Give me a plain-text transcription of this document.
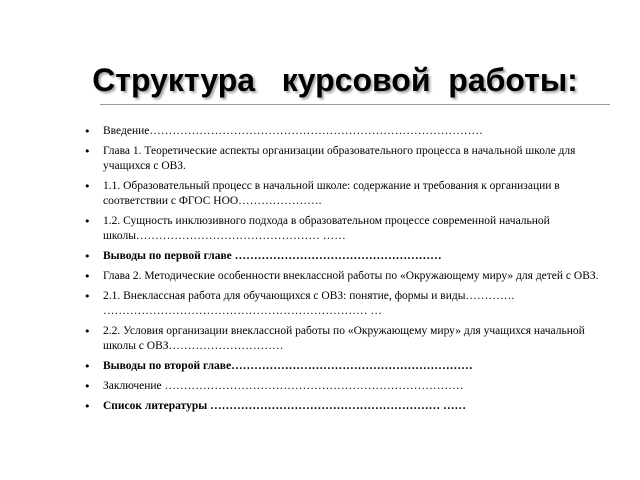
Структура   курсовой  работы:
• Введение……………………………………………………………………………
• Глава 1. Теоретические аспекты организации образовательного процесса в начальной школе для учащихся с ОВЗ.
• 1.1. Образовательный процесс в начальной школе: содержание и требования к организации в соответствии с ФГОС НОО………………….
• 1.2. Сущность инклюзивного подхода в образовательном процессе современной начальной школы………………………………………… ……
• Выводы по первой главе ………………………………………………
• Глава 2. Методические особенности внеклассной работы по «Окружающему миру» для детей с ОВЗ.
• 2.1. Внеклассная работа для обучающихся с ОВЗ: понятие, формы и виды…………. …………………………………………………………… …
• 2.2. Условия организации внеклассной работы по «Окружающему миру» для учащихся начальной школы с ОВЗ…………………………
• Выводы по второй главе………………………………………………………
• Заключение ……………………………………………………………………
• Список литературы …………………………………………………… ……
